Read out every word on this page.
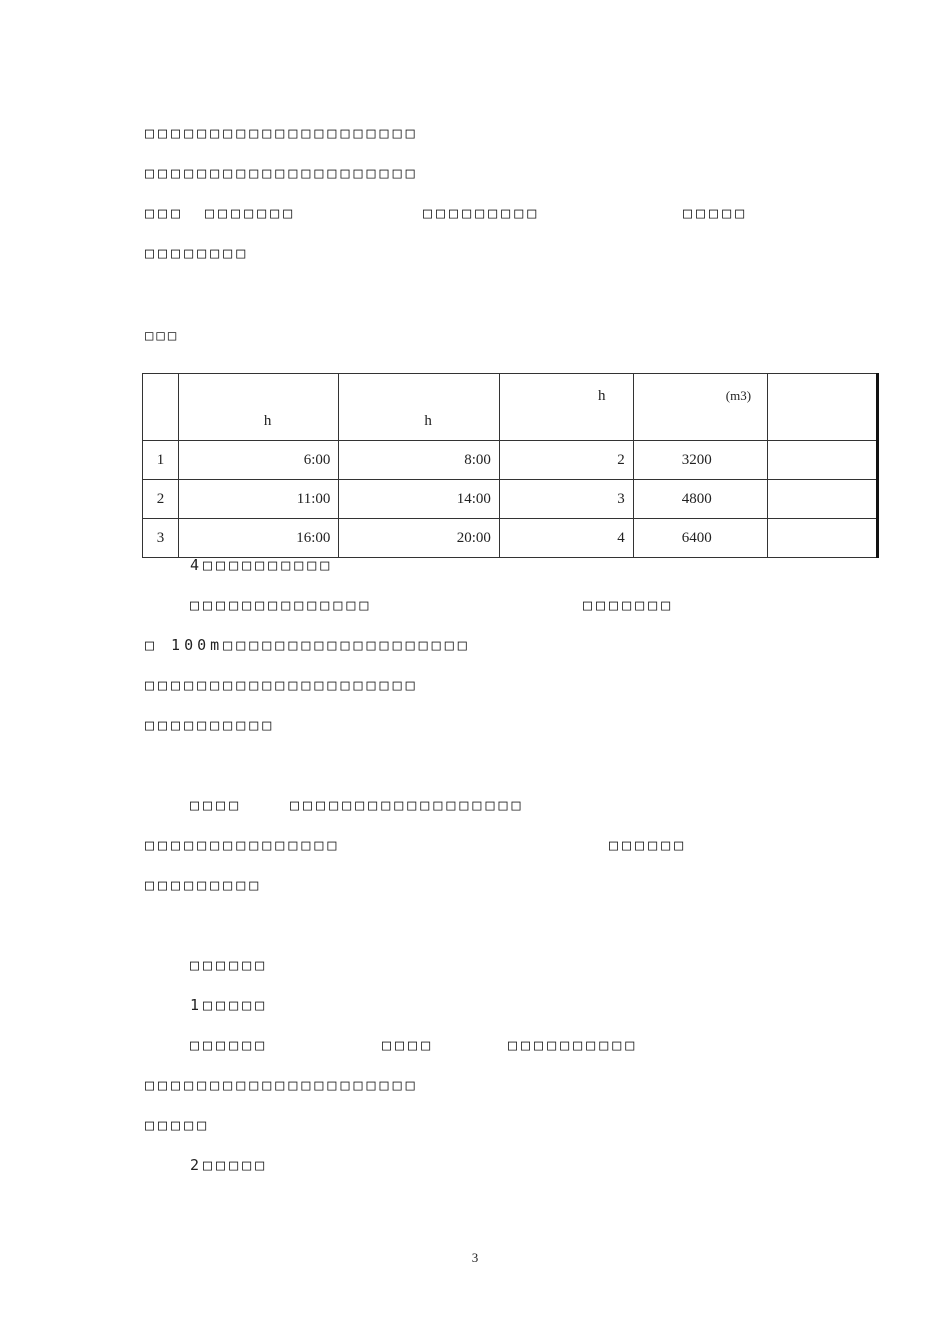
□□□□□□□□□□□□□□□□□□□□□
□□□□□□□□□□□□□□□□□□□□□
□□□ □□□□□□□	□□□□□□□□□	□□□□□
□□□□□□□□
□□□
	h	h	h	(m3)	
1	6:00	8:00	2	3200	
2	11:00	14:00	3	4800	
3	16:00	20:00	4	6400	
4□□□□□□□□□□
□□□□□□□□□□□□□□	□□□□□□□
□ 100m□□□□□□□□□□□□□□□□□□□
□□□□□□□□□□□□□□□□□□□□□
□□□□□□□□□□
□□□□	□□□□□□□□□□□□□□□□□□
□□□□□□□□□□□□□□□	□□□□□□
□□□□□□□□□
□□□□□□
1□□□□□
□□□□□□	□□□□	□□□□□□□□□□
□□□□□□□□□□□□□□□□□□□□□
□□□□□
2□□□□□
3
